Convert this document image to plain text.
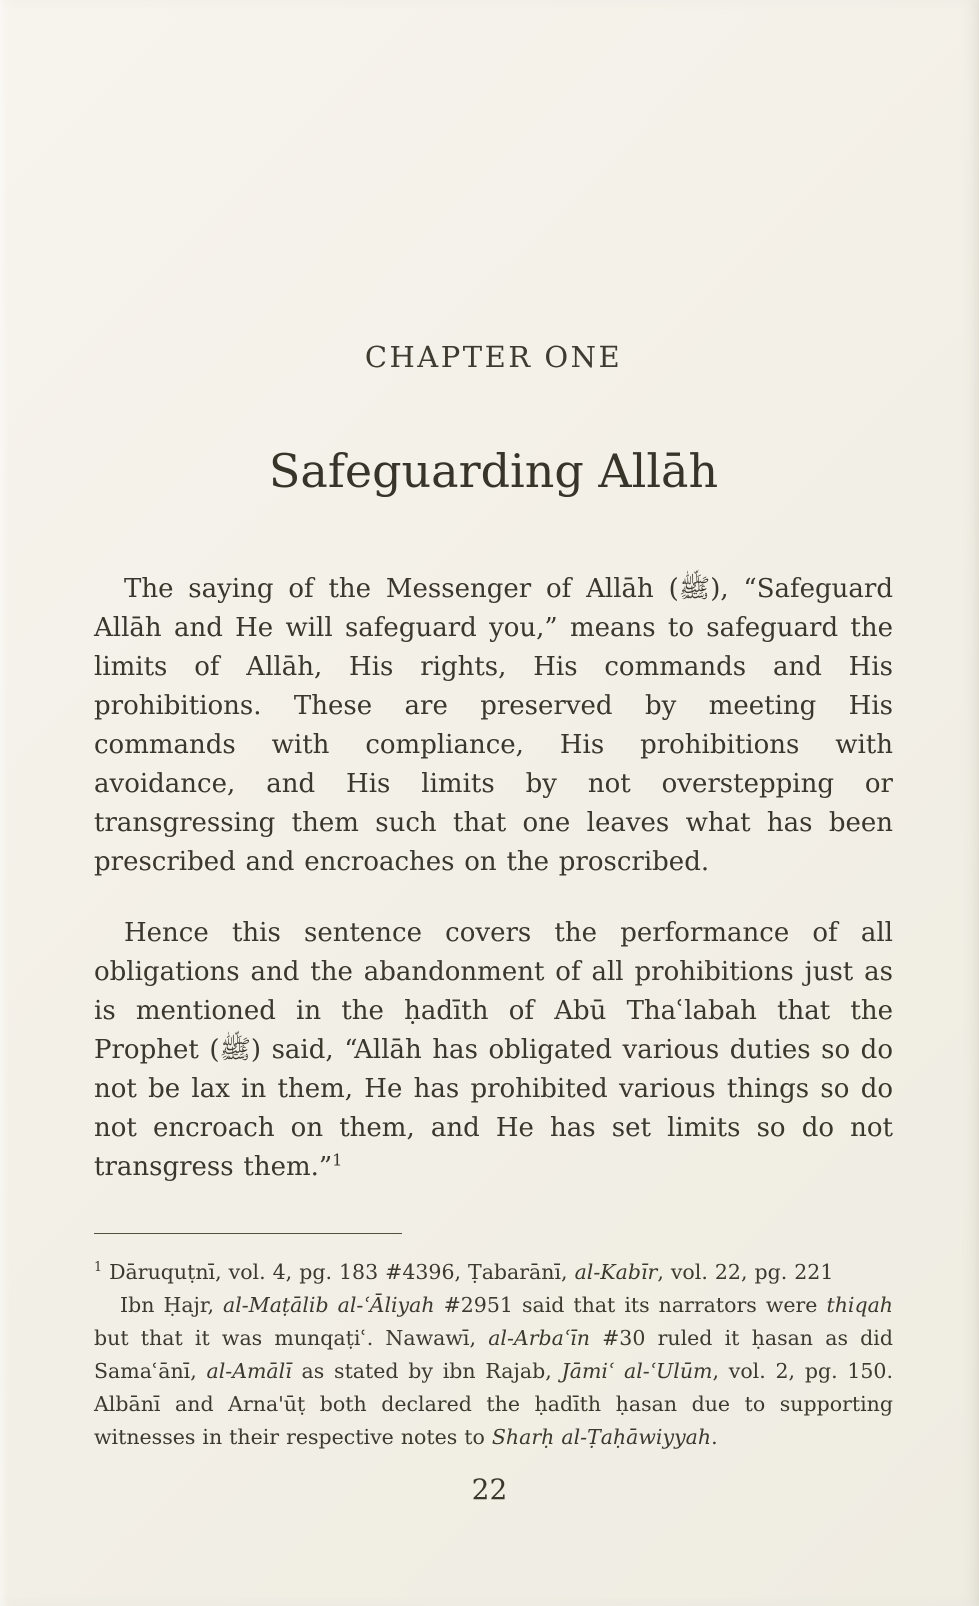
CHAPTER ONE
Safeguarding Allāh

The saying of the Messenger of Allāh (ﷺ), “Safeguard Allāh and He will safeguard you,” means to safeguard the limits of Allāh, His rights, His commands and His prohibitions. These are preserved by meeting His commands with compliance, His prohibitions with avoidance, and His limits by not overstepping or transgressing them such that one leaves what has been prescribed and encroaches on the proscribed.

Hence this sentence covers the performance of all obligations and the abandonment of all prohibitions just as is mentioned in the ḥadīth of Abū Thaʿlabah that the Prophet (ﷺ) said, “Allāh has obligated various duties so do not be lax in them, He has prohibited various things so do not encroach on them, and He has set limits so do not transgress them.”$^1$

$^1$ Dāruquṭnī, vol. 4, pg. 183 #4396, Ṭabarānī, al-Kabīr, vol. 22, pg. 221

Ibn Ḥajr, al-Maṭālib al-ʿĀliyah #2951 said that its narrators were thiqah but that it was munqaṭiʿ. Nawawī, al-Arbaʿīn #30 ruled it ḥasan as did Samaʿānī, al-Amālī as stated by ibn Rajab, Jāmiʿ al-ʿUlūm, vol. 2, pg. 150. Albānī and Arna'ūṭ both declared the ḥadīth ḥasan due to supporting witnesses in their respective notes to Sharḥ al-Ṭaḥāwiyyah.

22
